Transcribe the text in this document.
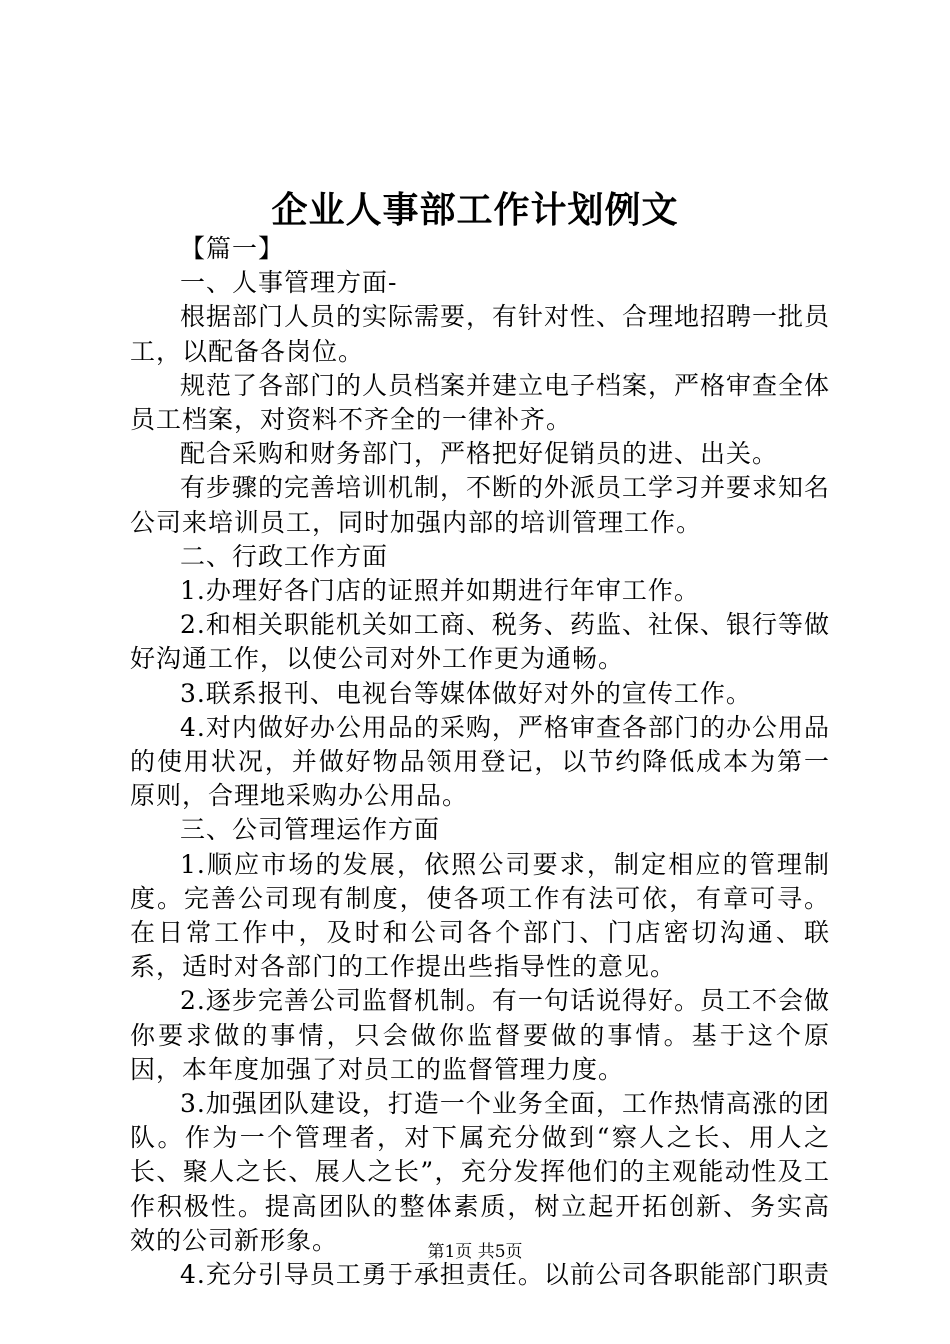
企业人事部工作计划例文

【篇一】

一、人事管理方面-

根据部门人员的实际需要，有针对性、合理地招聘一批员工，以配备各岗位。

规范了各部门的人员档案并建立电子档案，严格审查全体员工档案，对资料不齐全的一律补齐。

配合采购和财务部门，严格把好促销员的进、出关。

有步骤的完善培训机制，不断的外派员工学习并要求知名公司来培训员工，同时加强内部的培训管理工作。

二、行政工作方面

1.办理好各门店的证照并如期进行年审工作。

2.和相关职能机关如工商、税务、药监、社保、银行等做好沟通工作，以使公司对外工作更为通畅。

3.联系报刊、电视台等媒体做好对外的宣传工作。

4.对内做好办公用品的采购，严格审查各部门的办公用品的使用状况，并做好物品领用登记，以节约降低成本为第一原则，合理地采购办公用品。

三、公司管理运作方面

1.顺应市场的发展，依照公司要求，制定相应的管理制度。完善公司现有制度，使各项工作有法可依，有章可寻。在日常工作中，及时和公司各个部门、门店密切沟通、联系，适时对各部门的工作提出些指导性的意见。

2.逐步完善公司监督机制。有一句话说得好。员工不会做你要求做的事情，只会做你监督要做的事情。基于这个原因，本年度加强了对员工的监督管理力度。

3.加强团队建设，打造一个业务全面，工作热情高涨的团队。作为一个管理者，对下属充分做到“察人之长、用人之长、聚人之长、展人之长”，充分发挥他们的主观能动性及工作积极性。提高团队的整体素质，树立起开拓创新、务实高效的公司新形象。

4.充分引导员工勇于承担责任。以前公司各职能部门职责

第1页 共5页
